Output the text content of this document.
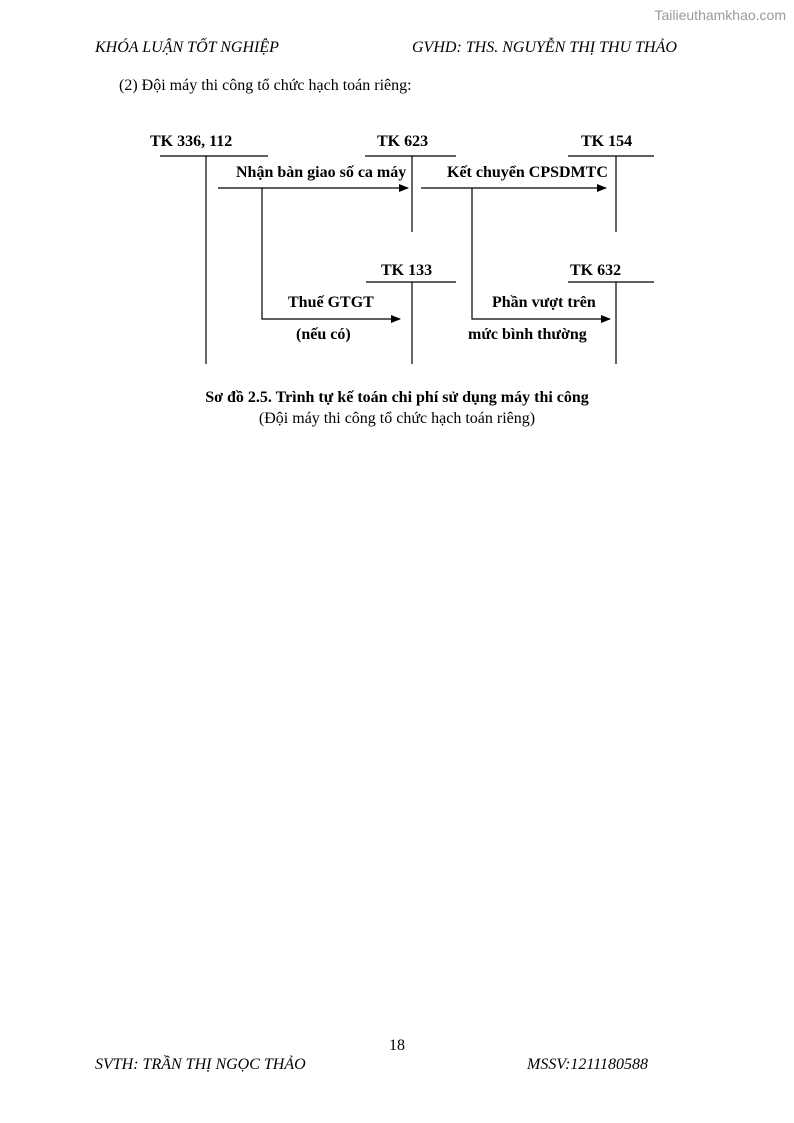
Tailieuthamkhao.com
KHÓA LUẬN TỐT NGHIỆP	GVHD: THS. NGUYỄN THỊ THU THẢO
(2) Đội máy thi công tổ chức hạch toán riêng:
TK 336, 112	TK 623	TK 154
TK 133	TK 632
Nhận bàn giao số ca máy	Kết chuyển CPSDMTC
Thuế GTGT
(nếu có)
Phần vượt trên
mức bình thường
Sơ đồ 2.5. Trình tự kế toán chi phí sử dụng máy thi công
(Đội máy thi công tổ chức hạch toán riêng)
18
SVTH: TRẦN THỊ NGỌC THẢO	MSSV:1211180588
